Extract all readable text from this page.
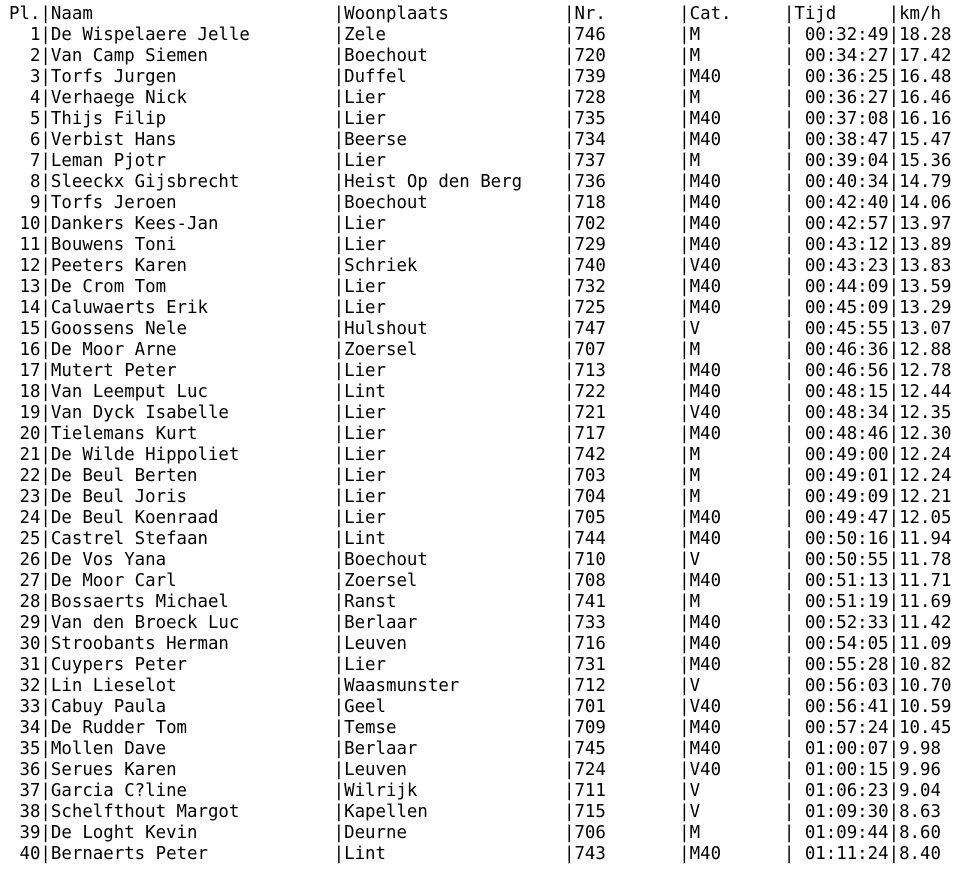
Pl.|Naam                       |Woonplaats           |Nr.       |Cat.     |Tijd     |km/h
1|De Wispelaere Jelle        |Zele                 |746       |M        | 00:32:49|18.28
2|Van Camp Siemen            |Boechout             |720       |M        | 00:34:27|17.42
3|Torfs Jurgen               |Duffel               |739       |M40      | 00:36:25|16.48
4|Verhaege Nick              |Lier                 |728       |M        | 00:36:27|16.46
5|Thijs Filip                |Lier                 |735       |M40      | 00:37:08|16.16
6|Verbist Hans               |Beerse               |734       |M40      | 00:38:47|15.47
7|Leman Pjotr                |Lier                 |737       |M        | 00:39:04|15.36
8|Sleeckx Gijsbrecht         |Heist Op den Berg    |736       |M40      | 00:40:34|14.79
9|Torfs Jeroen               |Boechout             |718       |M40      | 00:42:40|14.06
10|Dankers Kees-Jan           |Lier                 |702       |M40      | 00:42:57|13.97
11|Bouwens Toni               |Lier                 |729       |M40      | 00:43:12|13.89
12|Peeters Karen              |Schriek              |740       |V40      | 00:43:23|13.83
13|De Crom Tom                |Lier                 |732       |M40      | 00:44:09|13.59
14|Caluwaerts Erik            |Lier                 |725       |M40      | 00:45:09|13.29
15|Goossens Nele              |Hulshout             |747       |V        | 00:45:55|13.07
16|De Moor Arne               |Zoersel              |707       |M        | 00:46:36|12.88
17|Mutert Peter               |Lier                 |713       |M40      | 00:46:56|12.78
18|Van Leemput Luc            |Lint                 |722       |M40      | 00:48:15|12.44
19|Van Dyck Isabelle          |Lier                 |721       |V40      | 00:48:34|12.35
20|Tielemans Kurt             |Lier                 |717       |M40      | 00:48:46|12.30
21|De Wilde Hippoliet         |Lier                 |742       |M        | 00:49:00|12.24
22|De Beul Berten             |Lier                 |703       |M        | 00:49:01|12.24
23|De Beul Joris              |Lier                 |704       |M        | 00:49:09|12.21
24|De Beul Koenraad           |Lier                 |705       |M40      | 00:49:47|12.05
25|Castrel Stefaan            |Lint                 |744       |M40      | 00:50:16|11.94
26|De Vos Yana                |Boechout             |710       |V        | 00:50:55|11.78
27|De Moor Carl               |Zoersel              |708       |M40      | 00:51:13|11.71
28|Bossaerts Michael          |Ranst                |741       |M        | 00:51:19|11.69
29|Van den Broeck Luc         |Berlaar              |733       |M40      | 00:52:33|11.42
30|Stroobants Herman          |Leuven               |716       |M40      | 00:54:05|11.09
31|Cuypers Peter              |Lier                 |731       |M40      | 00:55:28|10.82
32|Lin Lieselot               |Waasmunster          |712       |V        | 00:56:03|10.70
33|Cabuy Paula                |Geel                 |701       |V40      | 00:56:41|10.59
34|De Rudder Tom              |Temse                |709       |M40      | 00:57:24|10.45
35|Mollen Dave                |Berlaar              |745       |M40      | 01:00:07|9.98
36|Serues Karen               |Leuven               |724       |V40      | 01:00:15|9.96
37|Garcia C?line              |Wilrijk              |711       |V        | 01:06:23|9.04
38|Schelfthout Margot         |Kapellen             |715       |V        | 01:09:30|8.63
39|De Loght Kevin             |Deurne               |706       |M        | 01:09:44|8.60
40|Bernaerts Peter            |Lint                 |743       |M40      | 01:11:24|8.40
